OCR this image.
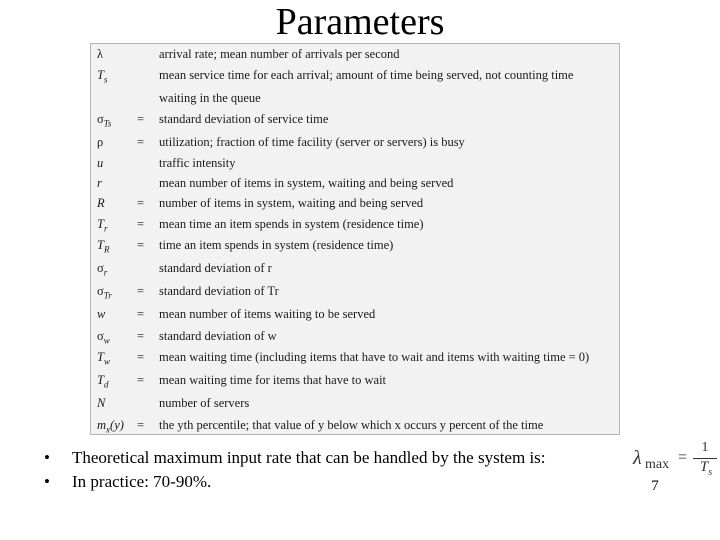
Parameters
λ	arrival rate; mean number of arrivals per second
$T_s$	mean service time for each arrival; amount of time being served, not counting time
waiting in the queue
$\sigma_{Ts}$ = standard deviation of service time
ρ	= utilization; fraction of time facility (server or servers) is busy
u	traffic intensity
r	mean number of items in system, waiting and being served
R	= number of items in system, waiting and being served
$T_r$ = mean time an item spends in system (residence time)
$T_R$ = time an item spends in system (residence time)
$\sigma_r$	standard deviation of r
$\sigma_{Tr}$ = standard deviation of Tr
w	= mean number of items waiting to be served
$\sigma_w$ = standard deviation of w
$T_w$ = mean waiting time (including items that have to wait and items with waiting time = 0)
$T_d$ = mean waiting time for items that have to wait
N	number of servers
$m_x(y)$ = the yth percentile; that value of y below which x occurs y percent of the time
• Theoretical maximum input rate that can be handled by the system is:
• In practice: 70-90%.
λ max =
1
$T_s$
7
